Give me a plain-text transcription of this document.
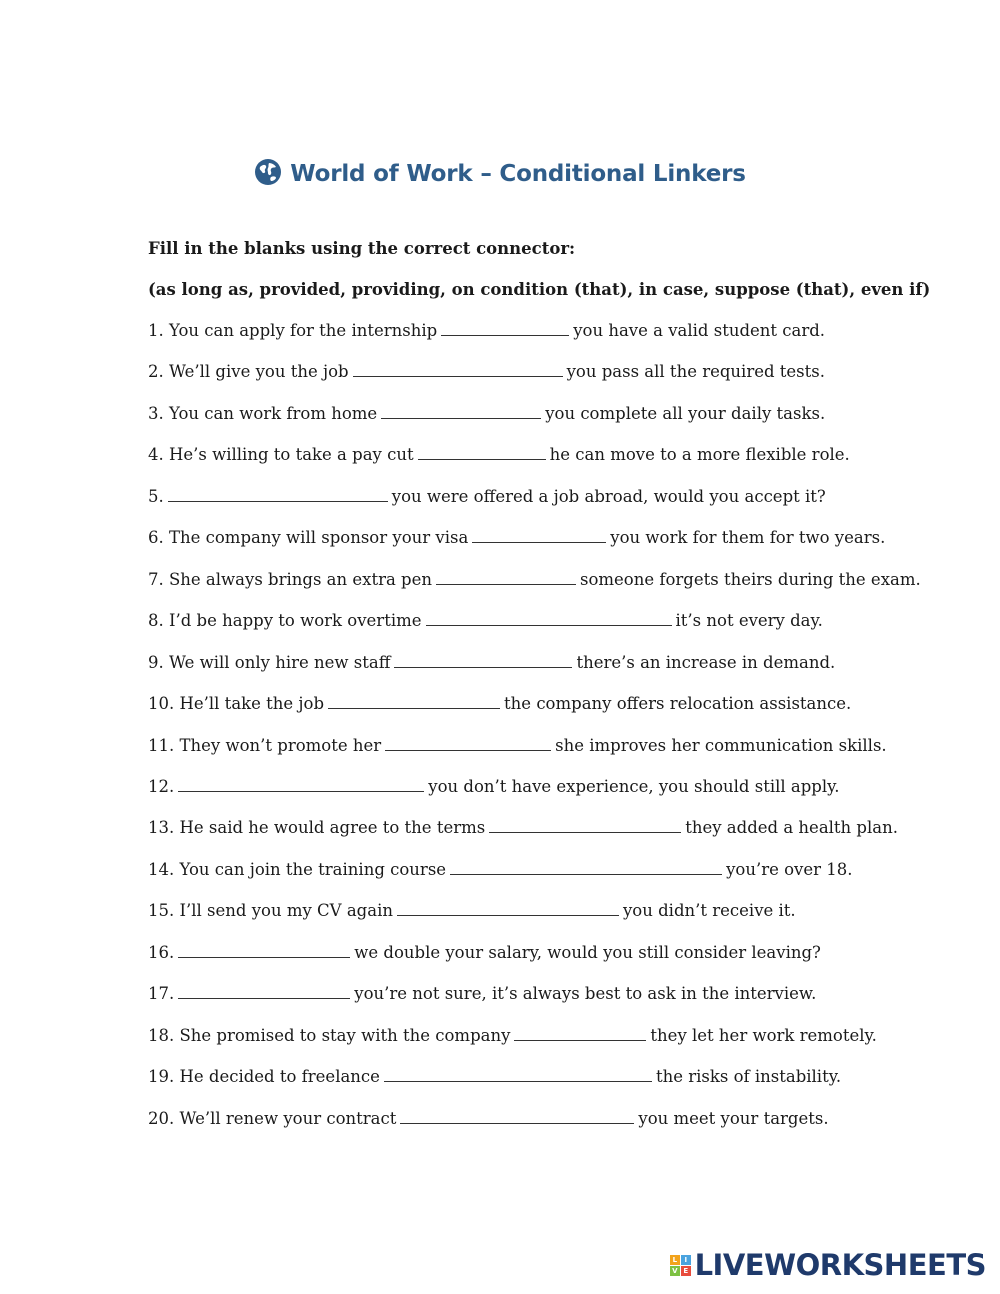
World of Work – Conditional Linkers
Fill in the blanks using the correct connector:
(as long as, provided, providing, on condition (that), in case, suppose (that), even if)
1. You can apply for the internship	you have a valid student card.
2. We’ll give you the job	you pass all the required tests.
3. You can work from home	you complete all your daily tasks.
4. He’s willing to take a pay cut	he can move to a more flexible role.
5.	you were offered a job abroad, would you accept it?
6. The company will sponsor your visa	you work for them for two years.
7. She always brings an extra pen	someone forgets theirs during the exam.
8. I’d be happy to work overtime	it’s not every day.
9. We will only hire new staff	there’s an increase in demand.
10. He’ll take the job	the company offers relocation assistance.
11. They won’t promote her	she improves her communication skills.
12.	you don’t have experience, you should still apply.
13. He said he would agree to the terms	they added a health plan.
14. You can join the training course	you’re over 18.
15. I’ll send you my CV again	you didn’t receive it.
16.	we double your salary, would you still consider leaving?
17.	you’re not sure, it’s always best to ask in the interview.
18. She promised to stay with the company	they let her work remotely.
19. He decided to freelance	the risks of instability.
20. We’ll renew your contract	you meet your targets.
L	I
V E LIVEWORKSHEETS
